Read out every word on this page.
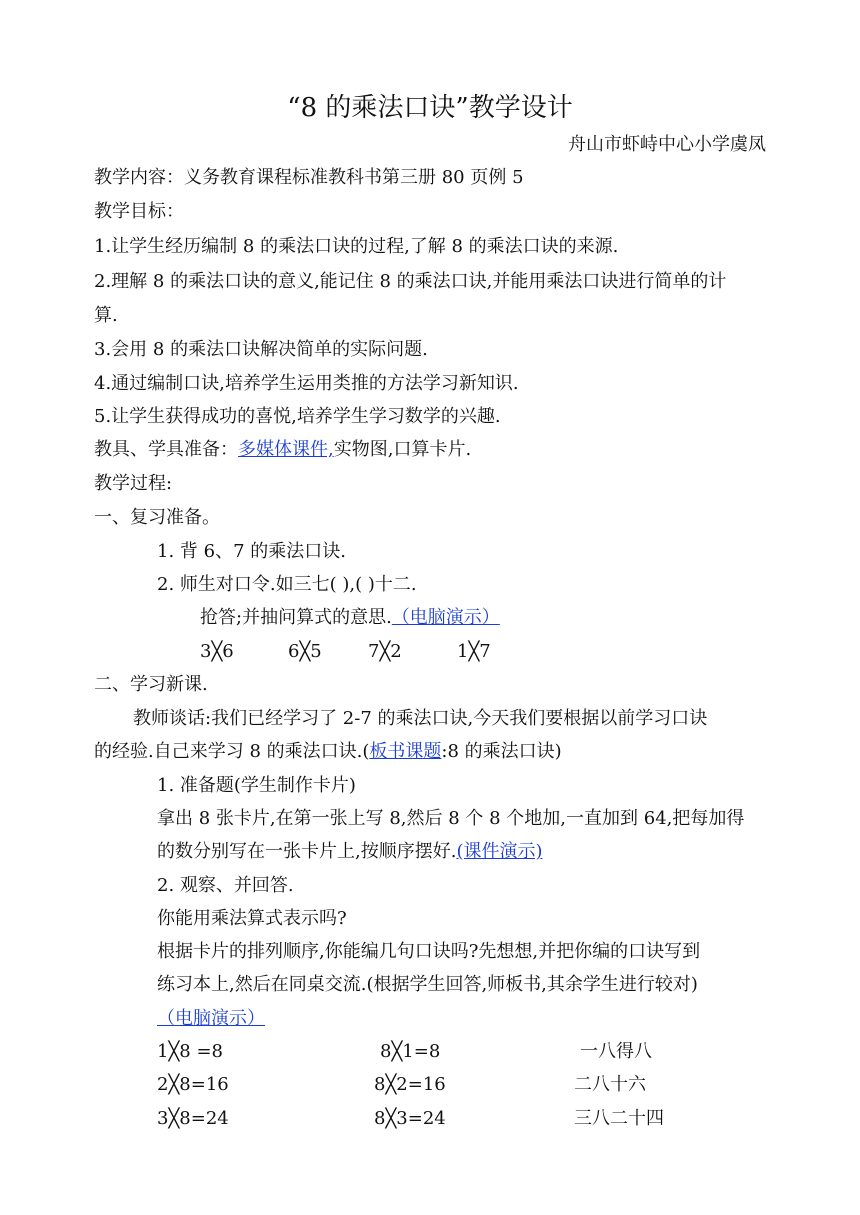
“8 的乘法口诀”教学设计
舟山市虾峙中心小学虞凤
教学内容：义务教育课程标准教科书第三册 80 页例 5
教学目标：
1.让学生经历编制 8 的乘法口诀的过程,了解 8 的乘法口诀的来源.
2.理解 8 的乘法口诀的意义,能记住 8 的乘法口诀,并能用乘法口诀进行简单的计
算.
3.会用 8 的乘法口诀解决简单的实际问题.
4.通过编制口诀,培养学生运用类推的方法学习新知识.
5.让学生获得成功的喜悦,培养学生学习数学的兴趣.
教具、学具准备：多媒体课件,实物图,口算卡片.
教学过程:
一、复习准备。
1. 背 6、7 的乘法口诀.
2. 师生对口令.如三七( ),( )十二.
抢答;并抽问算式的意思.（电脑演示）
3╳6	6╳5	7╳2	1╳7
二、学习新课.
教师谈话:我们已经学习了 2-7 的乘法口诀,今天我们要根据以前学习口诀
的经验.自己来学习 8 的乘法口诀.(板书课题:8 的乘法口诀)
1. 准备题(学生制作卡片)
拿出 8 张卡片,在第一张上写 8,然后 8 个 8 个地加,一直加到 64,把每加得
的数分别写在一张卡片上,按顺序摆好.(课件演示)
2. 观察、并回答.
你能用乘法算式表示吗?
根据卡片的排列顺序,你能编几句口诀吗?先想想,并把你编的口诀写到
练习本上,然后在同桌交流.(根据学生回答,师板书,其余学生进行较对)
（电脑演示）
1╳8 =8	8╳1=8	一八得八
2╳8=16	8╳2=16	二八十六
3╳8=24	8╳3=24	三八二十四
